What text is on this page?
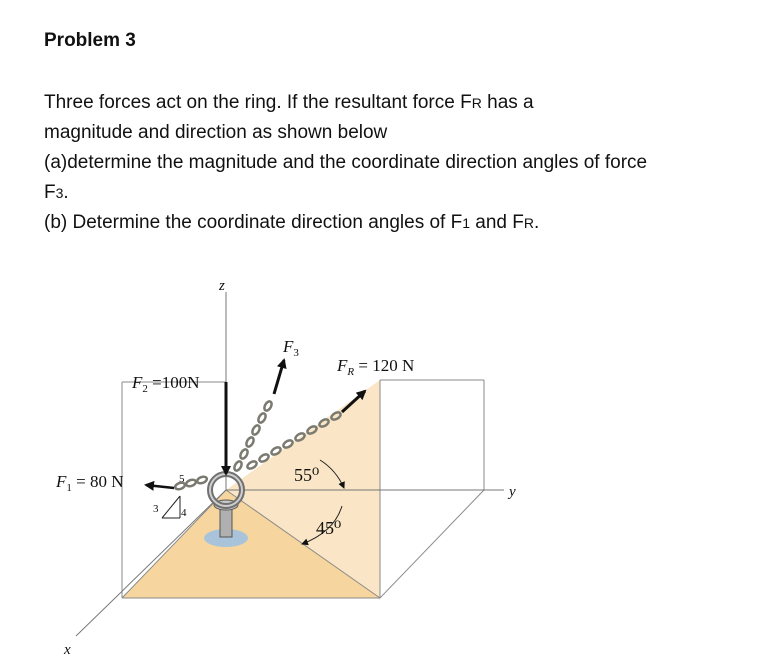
Problem 3
Three forces act on the ring. If the resultant force FR has a
magnitude and direction as shown below
(a)determine the magnitude and the coordinate direction angles of force
F3.
(b) Determine the coordinate direction angles of F1 and FR.
z
y
x
5
3 4
$F_2 =100N$
$F_3$
$F_R = 120$ N
$F_1 = 80$ N	55⁰
45⁰
